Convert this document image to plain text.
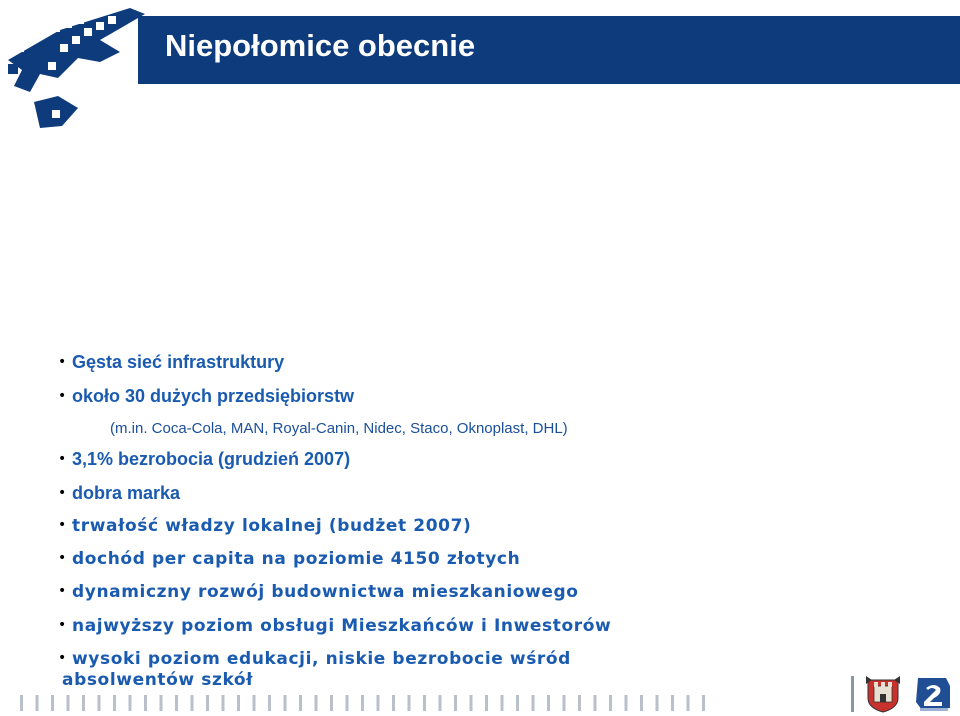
Niepołomice obecnie
• Gęsta sieć infrastruktury
• około 30 dużych przedsiębiorstw
(m.in. Coca-Cola, MAN, Royal-Canin, Nidec, Staco, Oknoplast, DHL)
• 3,1% bezrobocia (grudzień 2007)
• dobra marka
• trwałość władzy lokalnej (budżet 2007)
• dochód per capita na poziomie 4150 złotych
• dynamiczny rozwój budownictwa mieszkaniowego
• najwyższy poziom obsługi Mieszkańców i Inwestorów
• wysoki poziom edukacji, niskie bezrobocie wśród
absolwentów szkół
